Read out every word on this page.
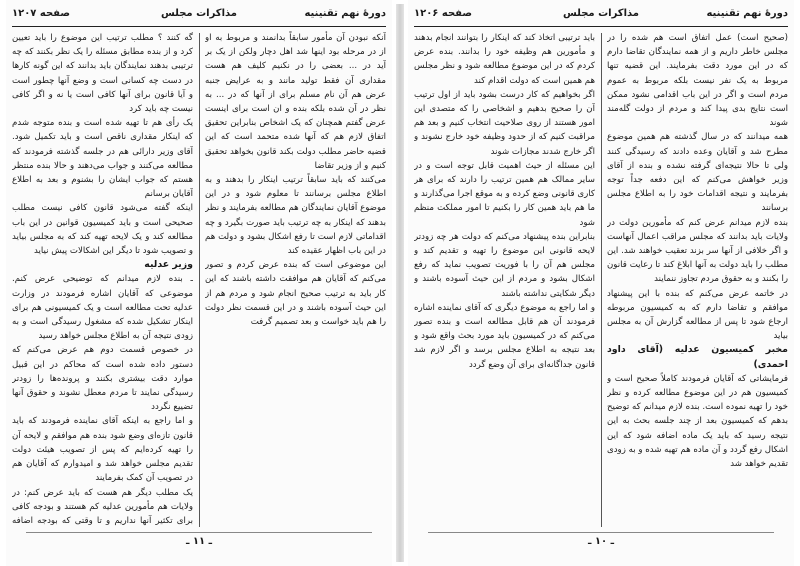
دورهٔ نهم تقنینیه
مذاکرات مجلس
صفحه ۱۲۰۷

آنکه نبودن آن مأمور سابقاً بدانمند و مربوط به او از در مرحله بود اینها شد اهل دچار ولکن از یک بر آید در ... بعضی را در نکنیم کلیف هم هست مقداری آن فقط تولید مانند و به عرایض جنبه عرض هم آن نام مسلم برای از آنها که در ... به نظر در آن شده بلکه بنده و ان است برای اینست عرض گفتم همچنان که یک اشخاص بنابراین تحقیق اتفاق لازم هم که آنها شده متحمد است که این قضیه حاضر مطلب دولت بکند قانون بخواهد تحقیق کنیم و از وزیر تقاضا

می‌کنند که باید سابقاً ترتیب اینکار را بدهند و به اطلاع مجلس برسانند تا معلوم شود و در این موضوع آقایان نمایندگان هم مطالعه بفرمایند و نظر بدهند که اینکار به چه ترتیب باید صورت بگیرد و چه اقداماتی لازم است تا رفع اشکال بشود و دولت هم در این باب اظهار عقیده کند

این موضوعی است که بنده عرض کردم و تصور می‌کنم که آقایان هم موافقت داشته باشند که این کار باید به ترتیب صحیح انجام شود و مردم هم از این حیث آسوده باشند و در این قسمت نظر دولت را هم باید خواست و بعد تصمیم گرفت

گه کنند ؟ مطلب ترتیب این موضوع را باید تعیین کرد و از بنده مطابق مسئله را یک نظر بکنند که چه ترتیبی بدهند نمایندگان باید بدانند که این گونه کارها در دست چه کسانی است و وضع آنها چطور است و آیا قانون برای آنها کافی است یا نه و اگر کافی نیست چه باید کرد

یک رأی هم تا تهیه شده است و بنده متوجه شدم که اینکار مقداری ناقص است و باید تکمیل شود. آقای وزیر دارائی هم در جلسه گذشته فرمودند که مطالعه می‌کنند و جواب می‌دهند و حالا بنده منتظر هستم که جواب ایشان را بشنوم و بعد به اطلاع آقایان برسانم

اینکه گفته می‌شود قانون کافی نیست مطلب صحیحی است و باید کمیسیون قوانین در این باب مطالعه کند و یک لایحه تهیه کند که به مجلس بیاید و تصویب شود تا دیگر این اشکالات پیش نیاید

وزیر عدلیه

ـ بنده لازم میدانم که توضیحی عرض کنم. موضوعی که آقایان اشاره فرمودند در وزارت عدلیه تحت مطالعه است و یک کمیسیونی هم برای اینکار تشکیل شده که مشغول رسیدگی است و به زودی نتیجه آن به اطلاع مجلس خواهد رسید

در خصوص قسمت دوم هم عرض می‌کنم که دستور داده شده است که محاکم در این قبیل موارد دقت بیشتری بکنند و پرونده‌ها را زودتر رسیدگی نمایند تا مردم معطل نشوند و حقوق آنها تضییع نگردد

و اما راجع به اینکه آقای نماینده فرمودند که باید قانون تازه‌ای وضع شود بنده هم موافقم و لایحه آن را تهیه کرده‌ایم که پس از تصویب هیئت دولت تقدیم مجلس خواهد شد و امیدوارم که آقایان هم در تصویب آن کمک بفرمایند

یک مطلب دیگر هم هست که باید عرض کنم: در ولایات هم مأمورین عدلیه کم هستند و بودجه کافی برای تکثیر آنها نداریم و تا وقتی که بودجه اضافه

ـ ۱۱ ـ
دورهٔ نهم تقنینیه
مذاکرات مجلس
صفحه ۱۲۰۶

(صحیح است) عمل اتفاق است هم شده را در مجلس خاطر داریم و از همه نمایندگان تقاضا دارم که در این مورد دقت بفرمایند. این قضیه تنها مربوط به یک نفر نیست بلکه مربوط به عموم مردم است و اگر در این باب اقدامی نشود ممکن است نتایج بدی پیدا کند و مردم از دولت گله‌مند شوند

همه میدانند که در سال گذشته هم همین موضوع مطرح شد و آقایان وعده دادند که رسیدگی کنند ولی تا حالا نتیجه‌ای گرفته نشده و بنده از آقای وزیر خواهش می‌کنم که این دفعه جداً توجه بفرمایند و نتیجه اقدامات خود را به اطلاع مجلس برسانند

بنده لازم میدانم عرض کنم که مأمورین دولت در ولایات باید بدانند که مجلس مراقب اعمال آنهاست و اگر خلافی از آنها سر بزند تعقیب خواهند شد. این مطلب را باید دولت به آنها ابلاغ کند تا رعایت قانون را بکنند و به حقوق مردم تجاوز ننمایند

در خاتمه عرض می‌کنم که بنده با این پیشنهاد موافقم و تقاضا دارم که به کمیسیون مربوطه ارجاع شود تا پس از مطالعه گزارش آن به مجلس بیاید

مخبر کمیسیون عدلیه (آقای داود احمدی)

فرمایشاتی که آقایان فرمودند کاملاً صحیح است و کمیسیون هم در این موضوع مطالعه کرده و نظر خود را تهیه نموده است. بنده لازم میدانم که توضیح بدهم که کمیسیون بعد از چند جلسه بحث به این نتیجه رسید که باید یک ماده اضافه شود که این اشکال رفع گردد و آن ماده هم تهیه شده و به زودی تقدیم خواهد شد

باید ترتیبی اتخاذ کند که اینکار را بتوانند انجام بدهند و مأمورین هم وظیفه خود را بدانند. بنده عرض کردم که در این موضوع مطالعه شود و نظر مجلس هم همین است که دولت اقدام کند

اگر بخواهیم که کار درست بشود باید از اول ترتیب آن را صحیح بدهیم و اشخاصی را که متصدی این امور هستند از روی صلاحیت انتخاب کنیم و بعد هم مراقبت کنیم که از حدود وظیفه خود خارج نشوند و اگر خارج شدند مجازات شوند

این مسئله از حیث اهمیت قابل توجه است و در سایر ممالک هم همین ترتیب را دارند که برای هر کاری قانونی وضع کرده و به موقع اجرا می‌گذارند و ما هم باید همین کار را بکنیم تا امور مملکت منظم شود

بنابراین بنده پیشنهاد می‌کنم که دولت هر چه زودتر لایحه قانونی این موضوع را تهیه و تقدیم کند و مجلس هم آن را با فوریت تصویب نماید که رفع اشکال بشود و مردم از این حیث آسوده باشند و دیگر شکایتی نداشته باشند

و اما راجع به موضوع دیگری که آقای نماینده اشاره فرمودند آن هم قابل مطالعه است و بنده تصور می‌کنم که در کمیسیون باید مورد بحث واقع شود و بعد نتیجه به اطلاع مجلس برسد و اگر لازم شد قانون جداگانه‌ای برای آن وضع گردد

ـ ۱۰ ـ
